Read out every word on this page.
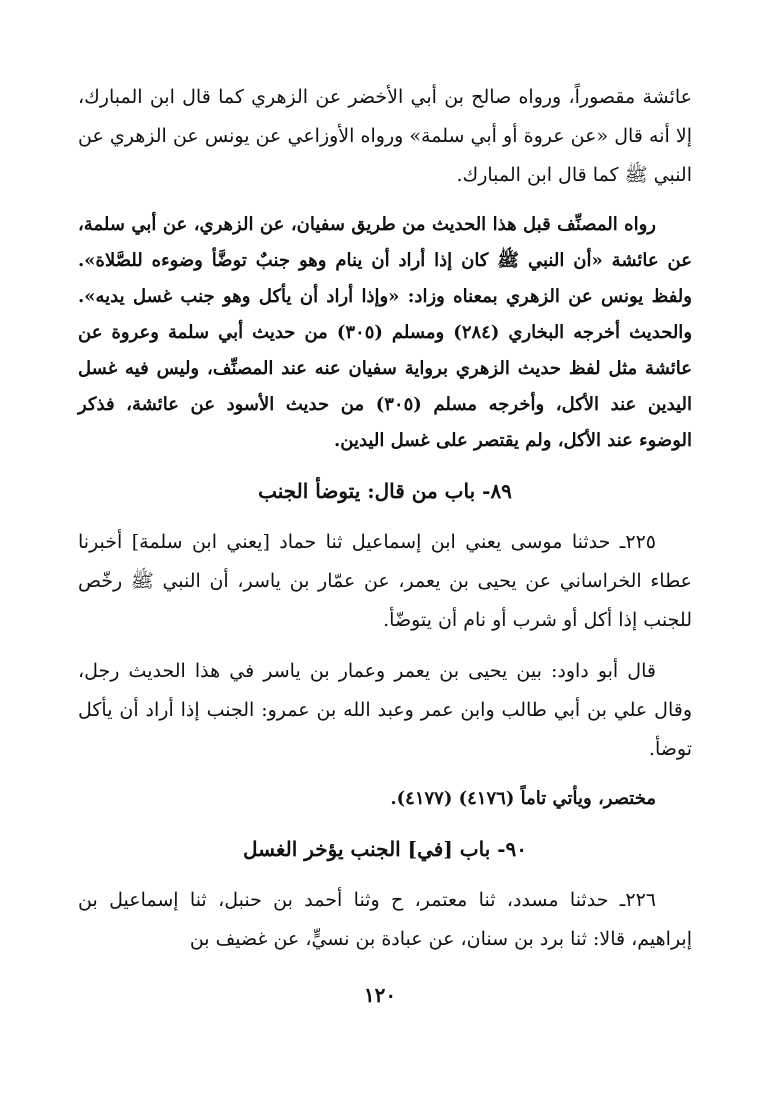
عائشة مقصوراً، ورواه صالح بن أبي الأخضر عن الزهري كما قال ابن المبارك، إلا أنه قال «عن عروة أو أبي سلمة» ورواه الأوزاعي عن يونس عن الزهري عن النبي ﷺ كما قال ابن المبارك.

رواه المصنِّف قبل هذا الحديث من طريق سفيان، عن الزهري، عن أبي سلمة، عن عائشة «أن النبي ﷺ كان إذا أراد أن ينام وهو جنبٌ توضَّأ وضوءه للصَّلاة». ولفظ يونس عن الزهري بمعناه وزاد: «وإذا أراد أن يأكل وهو جنب غسل يديه». والحديث أخرجه البخاري (٢٨٤) ومسلم (٣٠٥) من حديث أبي سلمة وعروة عن عائشة مثل لفظ حديث الزهري برواية سفيان عنه عند المصنِّف، وليس فيه غسل اليدين عند الأكل، وأخرجه مسلم (٣٠٥) من حديث الأسود عن عائشة، فذكر الوضوء عند الأكل، ولم يقتصر على غسل اليدين.

٨٩- باب من قال: يتوضأ الجنب

٢٢٥ـ حدثنا موسى يعني ابن إسماعيل ثنا حماد [يعني ابن سلمة] أخبرنا عطاء الخراساني عن يحيى بن يعمر، عن عمّار بن ياسر، أن النبي ﷺ رخّص للجنب إذا أكل أو شرب أو نام أن يتوضّأ.

قال أبو داود: بين يحيى بن يعمر وعمار بن ياسر في هذا الحديث رجل، وقال علي بن أبي طالب وابن عمر وعبد الله بن عمرو: الجنب إذا أراد أن يأكل توضأ.

مختصر، ويأتي تاماً (٤١٧٦) (٤١٧٧).

٩٠- باب [في] الجنب يؤخر الغسل

٢٢٦ـ حدثنا مسدد، ثنا معتمر، ح وثنا أحمد بن حنبل، ثنا إسماعيل بن إبراهيم، قالا: ثنا برد بن سنان، عن عبادة بن نسيٍّ، عن غضيف بن

١٢٠
